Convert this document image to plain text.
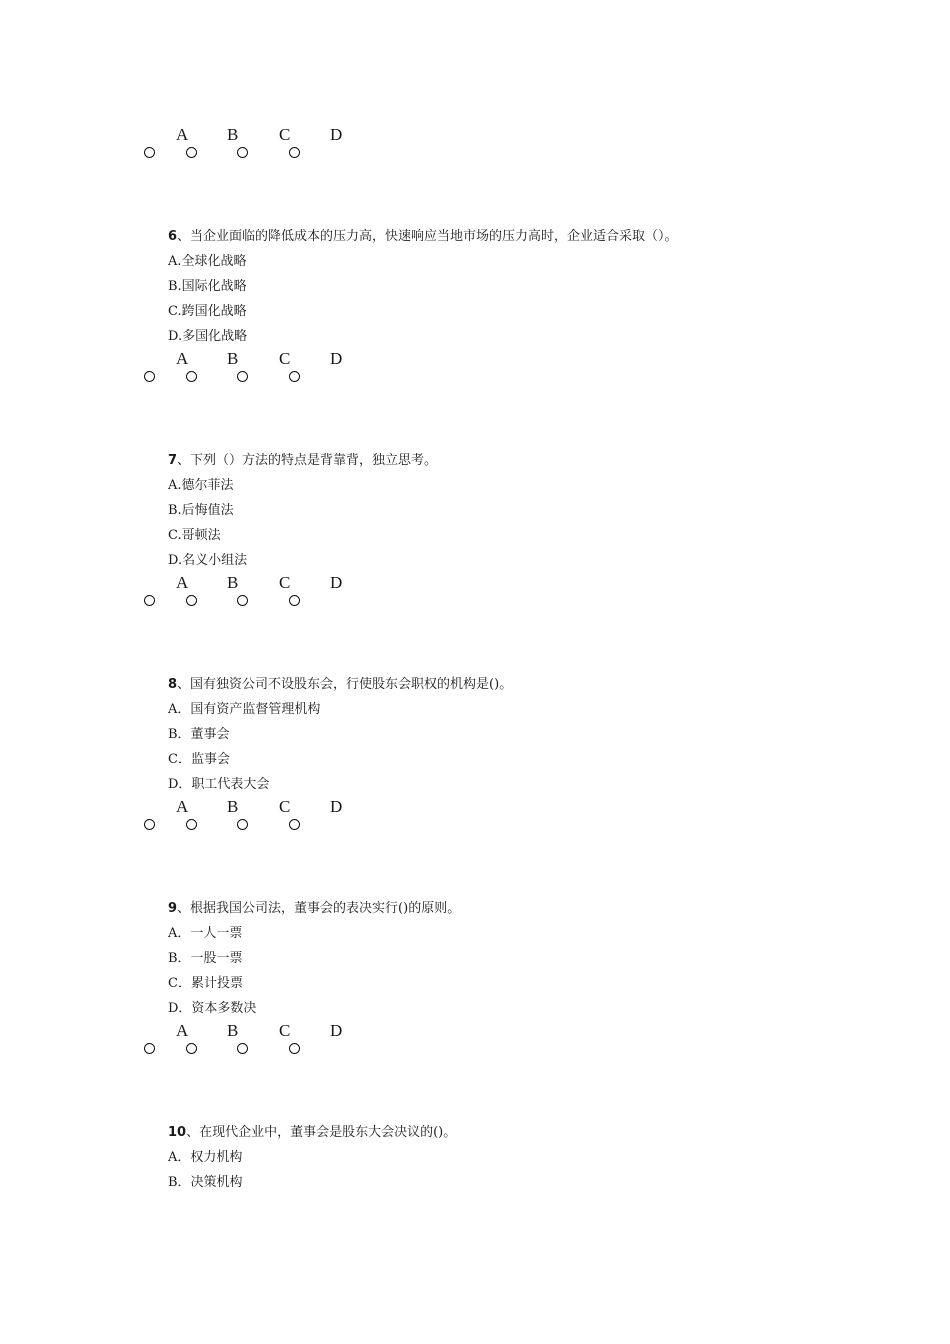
A B C D
6、当企业面临的降低成本的压力高，快速响应当地市场的压力高时，企业适合采取（）。
A.全球化战略
B.国际化战略
C.跨国化战略
D.多国化战略
A B C D
7、下列（）方法的特点是背靠背，独立思考。
A.德尔菲法
B.后悔值法
C.哥顿法
D.名义小组法
A B C D
8、国有独资公司不设股东会，行使股东会职权的机构是()。
A．国有资产监督管理机构
B．董事会
C．监事会
D．职工代表大会
A B C D
9、根据我国公司法，董事会的表决实行()的原则。
A．一人一票
B．一股一票
C．累计投票
D．资本多数决
A B C D
10、在现代企业中，董事会是股东大会决议的()。
A．权力机构
B．决策机构
